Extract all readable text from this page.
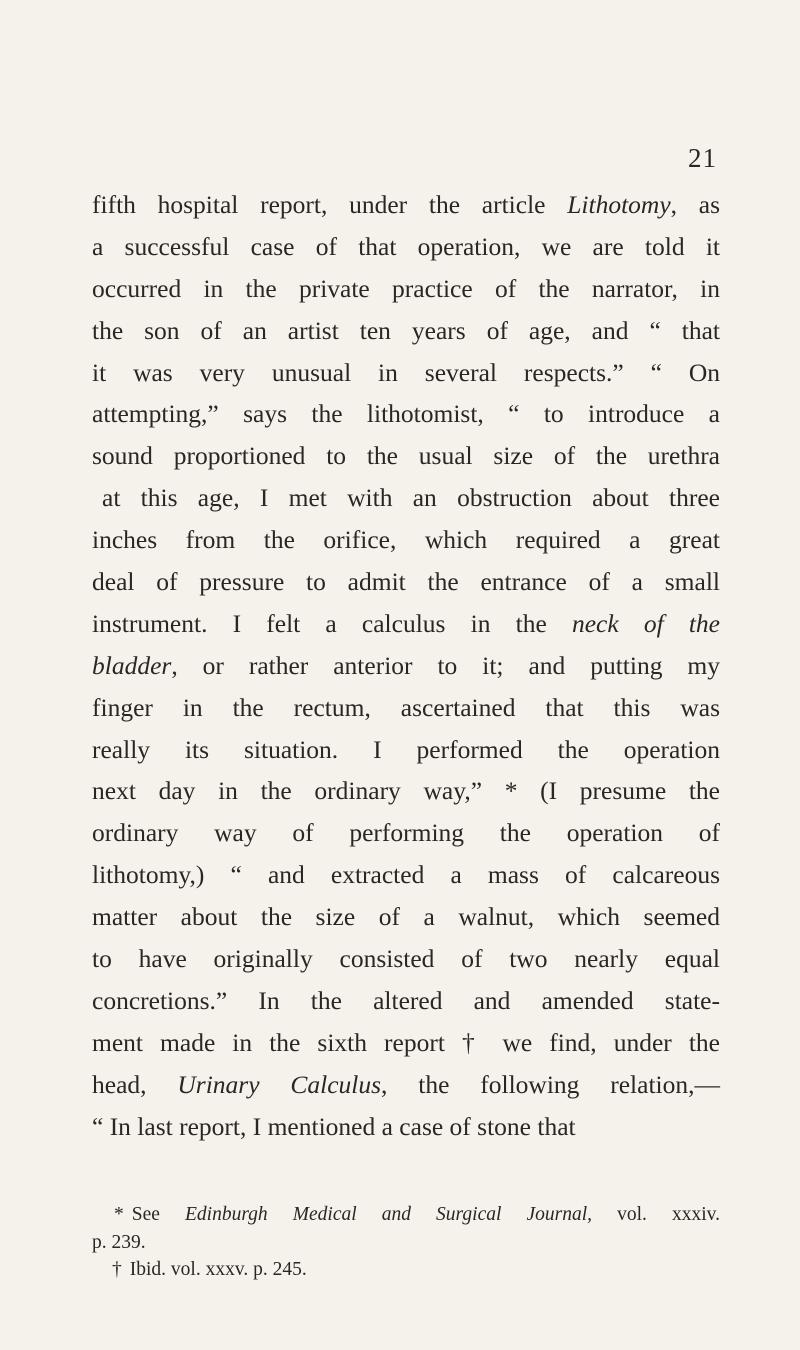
21
fifth hospital report, under the article Lithotomy, as
a successful case of that operation, we are told it
occurred in the private practice of the narrator, in
the son of an artist ten years of age, and “ that
it was very unusual in several respects.” “ On
attempting,” says the lithotomist, “ to introduce a
sound proportioned to the usual size of the urethra
at this age, I met with an obstruction about three
inches from the orifice, which required a great
deal of pressure to admit the entrance of a small
instrument. I felt a calculus in the neck of the
bladder, or rather anterior to it; and putting my
finger in the rectum, ascertained that this was
really its situation. I performed the operation
next day in the ordinary way,” * (I presume the
ordinary way of performing the operation of
lithotomy,) “ and extracted a mass of calcareous
matter about the size of a walnut, which seemed
to have originally consisted of two nearly equal
concretions.” In the altered and amended state-
ment made in the sixth report † we find, under the
head, Urinary Calculus, the following relation,—
“ In last report, I mentioned a case of stone that
* See Edinburgh Medical and Surgical Journal, vol. xxxiv.
p. 239.
† Ibid. vol. xxxv. p. 245.
